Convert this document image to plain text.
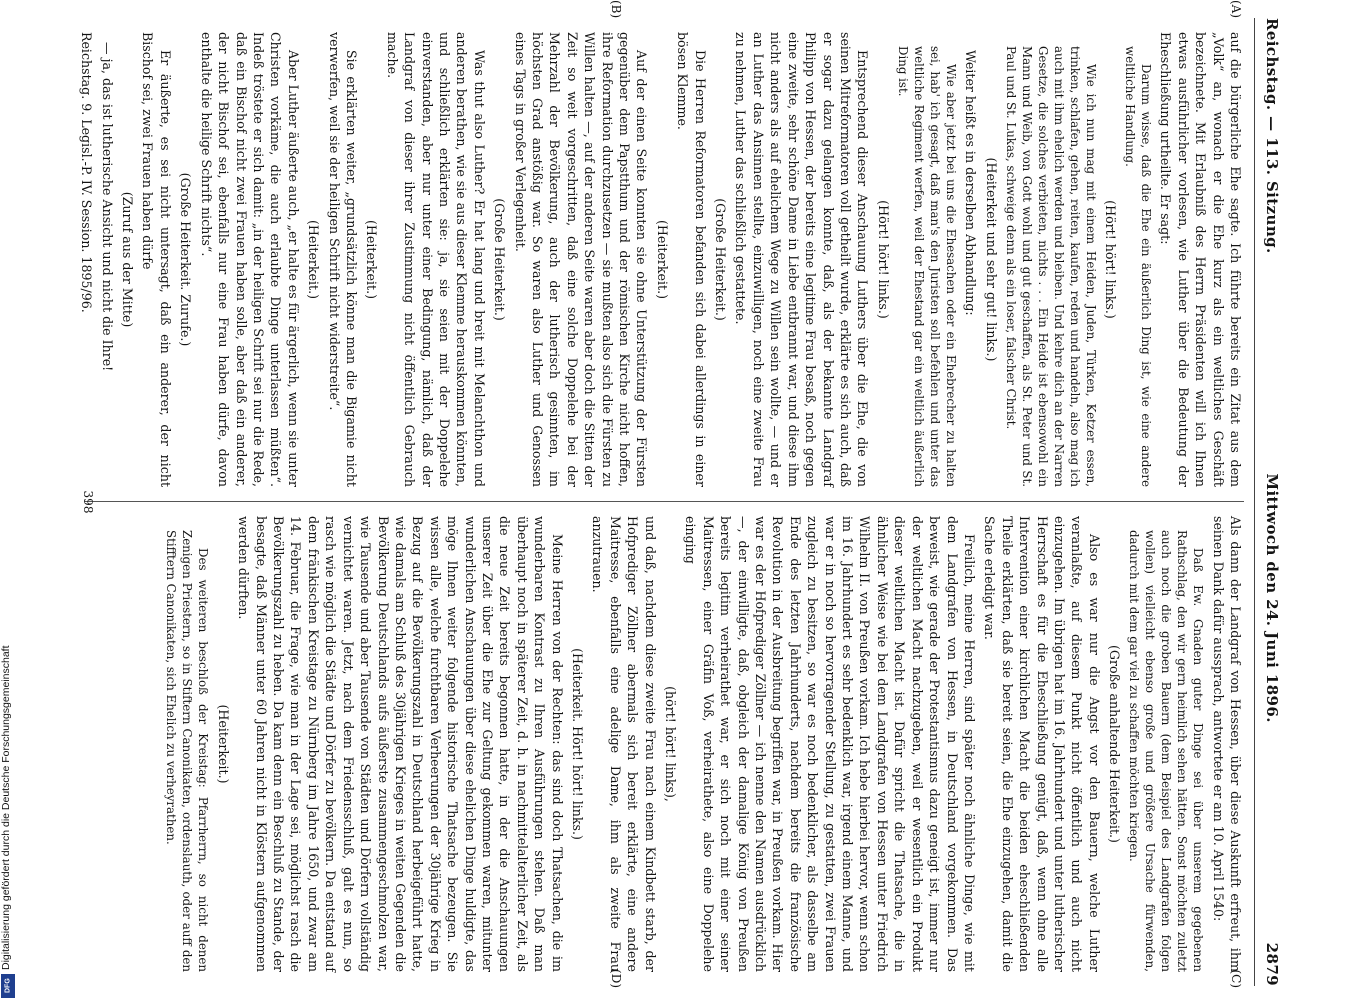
Digitalisierung gefördert durch die Deutsche Forschungsgemeinschaft
DFG
Reichstag. — 113. Sitzung.
Mittwoch den 24. Juni 1896.
2879
(A)
(B)

auf die bürgerliche Ehe sagte. Ich führte bereits ein Zitat aus dem „Volk“ an, wonach er die Ehe kurz als ein weltliches Geschäft bezeichnete. Mit Erlaubniß des Herrn Präsidenten will ich Ihnen etwas ausführlicher vorlesen, wie Luther über die Bedeutung der Eheschließung urtheilte. Er sagt:

Darum wisse, daß die Ehe ein äußerlich Ding ist, wie eine andere weltliche Handlung.

(Hört! hört! links.)

Wie ich nun mag mit einem Heiden, Juden, Türken, Ketzer essen, trinken, schlafen, gehen, reiten, kaufen, reden und handeln, also mag ich auch mit ihm ehelich werden und bleiben. Und kehre dich an der Narren Gesetze, die solches verbieten, nichts . . . Ein Heide ist ebensowohl ein Mann und Weib, von Gott wohl und gut geschaffen, als St. Peter und St. Paul und St. Lukas, schweige denn als ein loser, falscher Christ.

(Heiterkeit und sehr gut! links.)

Weiter heißt es in derselben Abhandlung:

Wie aber jetzt bei uns die Ehesachen oder ein Ehebrecher zu halten sei, hab' ich gesagt, daß man's den Juristen soll befehlen und unter das weltliche Regiment werfen, weil der Ehestand gar ein weltlich äußerlich Ding ist.

(Hört! hört! links.)

Entsprechend dieser Anschauung Luthers über die Ehe, die von seinen Mitreformatoren voll getheilt wurde, erklärte es sich auch, daß er sogar dazu gelangen konnte, daß, als der bekannte Landgraf Philipp von Hessen, der bereits eine legitime Frau besaß, noch gegen eine zweite, sehr schöne Dame in Liebe entbrannt war, und diese ihm nicht anders als auf ehelichem Wege zu Willen sein wollte, — und er an Luther das Ansinnen stellte, einzuwilligen, noch eine zweite Frau zu nehmen, Luther das schließlich gestattete.

(Große Heiterkeit.)

Die Herren Reformatoren befanden sich dabei allerdings in einer bösen Klemme.

(Heiterkeit.)

Auf der einen Seite konnten sie ohne Unterstützung der Fürsten gegenüber dem Papstthum und der römischen Kirche nicht hoffen, ihre Reformation durchzusetzen — sie mußten also sich die Fürsten zu Willen halten —, auf der anderen Seite waren aber doch die Sitten der Zeit so weit vorgeschritten, daß eine solche Doppelehe bei der Mehrzahl der Bevölkerung, auch der lutherisch gesinnten, im höchsten Grad anstößig war. So waren also Luther und Genossen eines Tags in großer Verlegenheit.

(Große Heiterkeit.)

Was thut also Luther? Er hat lang und breit mit Melanchthon und anderen berathen, wie sie aus dieser Klemme herauskommen könnten, und schließlich erklärten sie: ja, sie seien mit der Doppelehe einverstanden, aber nur unter einer Bedingung, nämlich, daß der Landgraf von dieser ihrer Zustimmung nicht öffentlich Gebrauch mache.

(Heiterkeit.)

Sie erklärten weiter, „grundsätzlich könne man die Bigamie nicht verwerfen, weil sie der heiligen Schrift nicht widerstreite“.

(Heiterkeit.)

Aber Luther äußerte auch, „er halte es für ärgerlich, wenn sie unter Christen vorkäme, die auch erlaubte Dinge unterlassen müßten“. Indeß tröstete er sich damit: „in der heiligen Schrift sei nur die Rede, daß ein Bischof nicht zwei Frauen haben solle, aber daß ein anderer, der nicht Bischof sei, ebenfalls nur eine Frau haben dürfe, davon enthalte die heilige Schrift nichts“.

(Große Heiterkeit. Zurufe.)

Er äußerte, es sei nicht untersagt, daß ein anderer, der nicht Bischof sei, zwei Frauen haben dürfe

(Zuruf aus der Mitte)

— ja, das ist lutherische Ansicht und nicht die Ihre!

Reichstag. 9. Legisl.-P. IV. Session. 1895/96.

(C)
(D)

Als dann der Landgraf von Hessen, über diese Auskunft erfreut, ihm seinen Dank dafür aussprach, antwortete er am 10. April 1540:

Daß Ew. Gnaden guter Dinge sei über unserem gegebenen Rathschlag, den wir gern heimlich sehen hätten. Sonst möchten zuletzt auch noch die groben Bauern (dem Beispiel des Landgrafen folgen wollen) vielleicht ebenso große und größere Ursache fürwenden, dadurch mit dem gar viel zu schaffen möchten kriegen.

(Große anhaltende Heiterkeit.)

Also es war nur die Angst vor den Bauern, welche Luther veranlaßte, auf diesem Punkt nicht öffentlich und auch nicht einzugehen. Im übrigen hat im 16. Jahrhundert und unter lutherischer Herrschaft es für die Eheschließung genügt, daß, wenn ohne alle Intervention einer kirchlichen Macht die beiden eheschließenden Theile erklärten, daß sie bereit seien, die Ehe einzugehen, damit die Sache erledigt war.

Freilich, meine Herren, sind später noch ähnliche Dinge, wie mit dem Landgrafen von Hessen, in Deutschland vorgekommen. Das beweist, wie gerade der Protestantismus dazu geneigt ist, immer nur der weltlichen Macht nachzugeben, weil er wesentlich ein Produkt dieser weltlichen Macht ist. Dafür spricht die Thatsache, die in ähnlicher Weise wie bei dem Landgrafen von Hessen unter Friedrich Wilhelm II. von Preußen vorkam. Ich hebe hierbei hervor, wenn schon im 16. Jahrhundert es sehr bedenklich war, irgend einem Manne, und war er in noch so hervorragender Stellung, zu gestatten, zwei Frauen zugleich zu besitzen, so war es noch bedenklicher, als dasselbe am Ende des letzten Jahrhunderts, nachdem bereits die französische Revolution in der Ausbreitung begriffen war, in Preußen vorkam. Hier war es der Hofprediger Zöllner — ich nenne den Namen ausdrücklich —, der einwilligte, daß, obgleich der damalige König von Preußen bereits legitim verheirathet war, er sich noch mit einer seiner Maitressen, einer Gräfin Voß, verheirathete, also eine Doppelehe einging

(hört! hört! links),

und daß, nachdem diese zweite Frau nach einem Kindbett starb, der Hofprediger Zöllner abermals sich bereit erklärte, eine andere Maitresse, ebenfalls eine adelige Dame, ihm als zweite Frau anzutrauen.

(Heiterkeit. Hört! hört! links.)

Meine Herren von der Rechten: das sind doch Thatsachen, die im wunderbaren Kontrast zu Ihren Ausführungen stehen. Daß man überhaupt noch in späterer Zeit, d. h. in nachmittelalterlicher Zeit, als die neue Zeit bereits begonnen hatte, in der die Anschauungen unserer Zeit über die Ehe zur Geltung gekommen waren, mitunter wunderlichen Anschauungen über diese ehelichen Dinge huldigte, das möge Ihnen weiter folgende historische Thatsache bezeugen. Sie wissen alle, welche furchtbaren Verheerungen der 30jährige Krieg in Bezug auf die Bevölkerungszahl in Deutschland herbeigeführt hatte, wie damals am Schluß des 30jährigen Krieges in weiten Gegenden die Bevölkerung Deutschlands aufs äußerste zusammengeschmolzen war, wie Tausende und aber Tausende von Städten und Dörfern vollständig vernichtet waren. Jetzt, nach dem Friedensschluß, galt es nun, so rasch wie möglich die Städte und Dörfer zu bevölkern. Da entstand auf dem fränkischen Kreistage zu Nürnberg im Jahre 1650, und zwar am 14. Februar, die Frage, wie man in der Lage sei, möglichst rasch die Bevölkerungszahl zu heben. Da kam denn ein Beschluß zu Stande, der besagte, daß Männer unter 60 Jahren nicht in Klöstern aufgenommen werden dürften.

(Heiterkeit.)

Des weiteren beschloß der Kreistag: Pfarrherrn, so nicht denen Zenigen Priestern, so in Stiftern Canonikaten, ordenslauth, oder auff den Stifftern Canonikaten, sich Ehelich zu verheyrathen.

398
